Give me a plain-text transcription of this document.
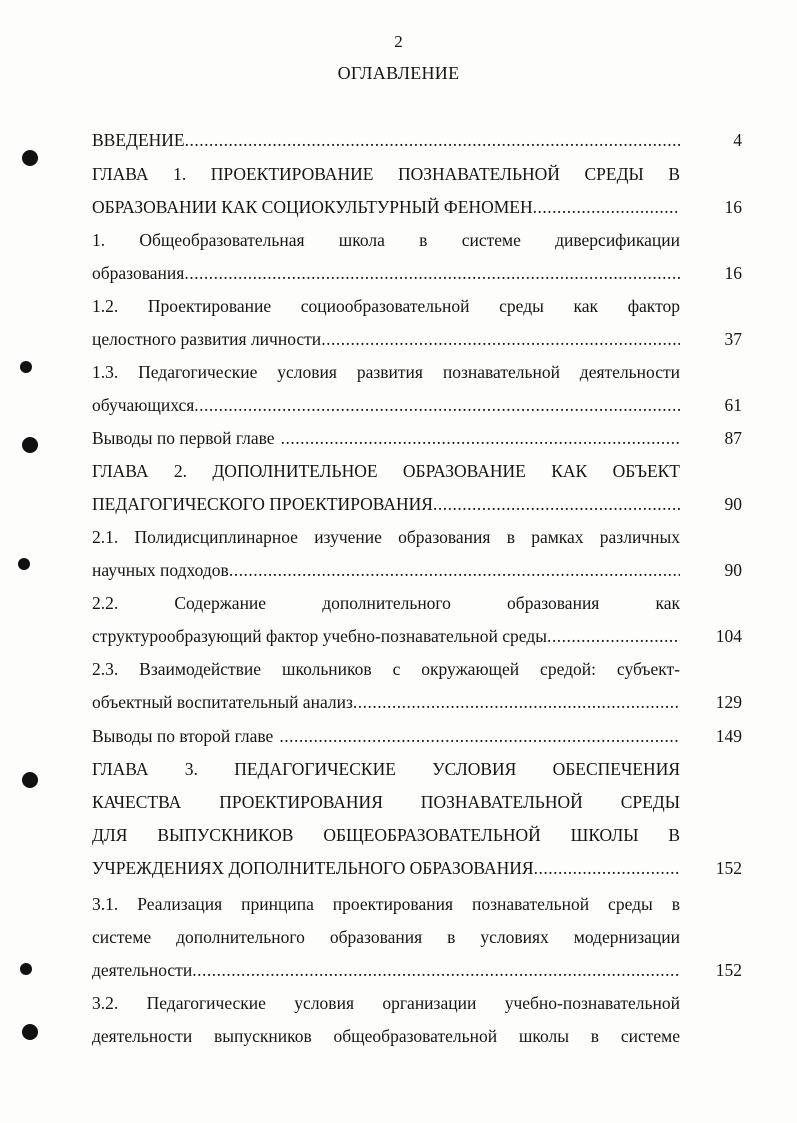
2
ОГЛАВЛЕНИЕ
ВВЕДЕНИЕ .....	4
ГЛАВА 1. ПРОЕКТИРОВАНИЕ ПОЗНАВАТЕЛЬНОЙ СРЕДЫ В
ОБРАЗОВАНИИ КАК СОЦИОКУЛЬТУРНЫЙ ФЕНОМЕН .....	16
1. Общеобразовательная школа в системе диверсификации
образования .....	16
1.2. Проектирование социообразовательной среды как фактор
целостного развития личности .....	37
1.3. Педагогические условия развития познавательной деятельности
обучающихся .....	61
Выводы по первой главе .....	87
ГЛАВА 2. ДОПОЛНИТЕЛЬНОЕ ОБРАЗОВАНИЕ КАК ОБЪЕКТ
ПЕДАГОГИЧЕСКОГО ПРОЕКТИРОВАНИЯ .....	90
2.1. Полидисциплинарное изучение образования в рамках различных
научных подходов .....	90
2.2. Содержание дополнительного образования как
структурообразующий фактор учебно-познавательной среды .....	104
2.3. Взаимодействие школьников с окружающей средой: субъект-
объектный воспитательный анализ .....	129
Выводы по второй главе .....	149
ГЛАВА 3. ПЕДАГОГИЧЕСКИЕ УСЛОВИЯ ОБЕСПЕЧЕНИЯ
КАЧЕСТВА ПРОЕКТИРОВАНИЯ ПОЗНАВАТЕЛЬНОЙ СРЕДЫ
ДЛЯ ВЫПУСКНИКОВ ОБЩЕОБРАЗОВАТЕЛЬНОЙ ШКОЛЫ В
УЧРЕЖДЕНИЯХ ДОПОЛНИТЕЛЬНОГО ОБРАЗОВАНИЯ .....	152
3.1. Реализация принципа проектирования познавательной среды в
системе дополнительного образования в условиях модернизации
деятельности .....	152
3.2. Педагогические условия организации учебно-познавательной
деятельности выпускников общеобразовательной школы в системе
